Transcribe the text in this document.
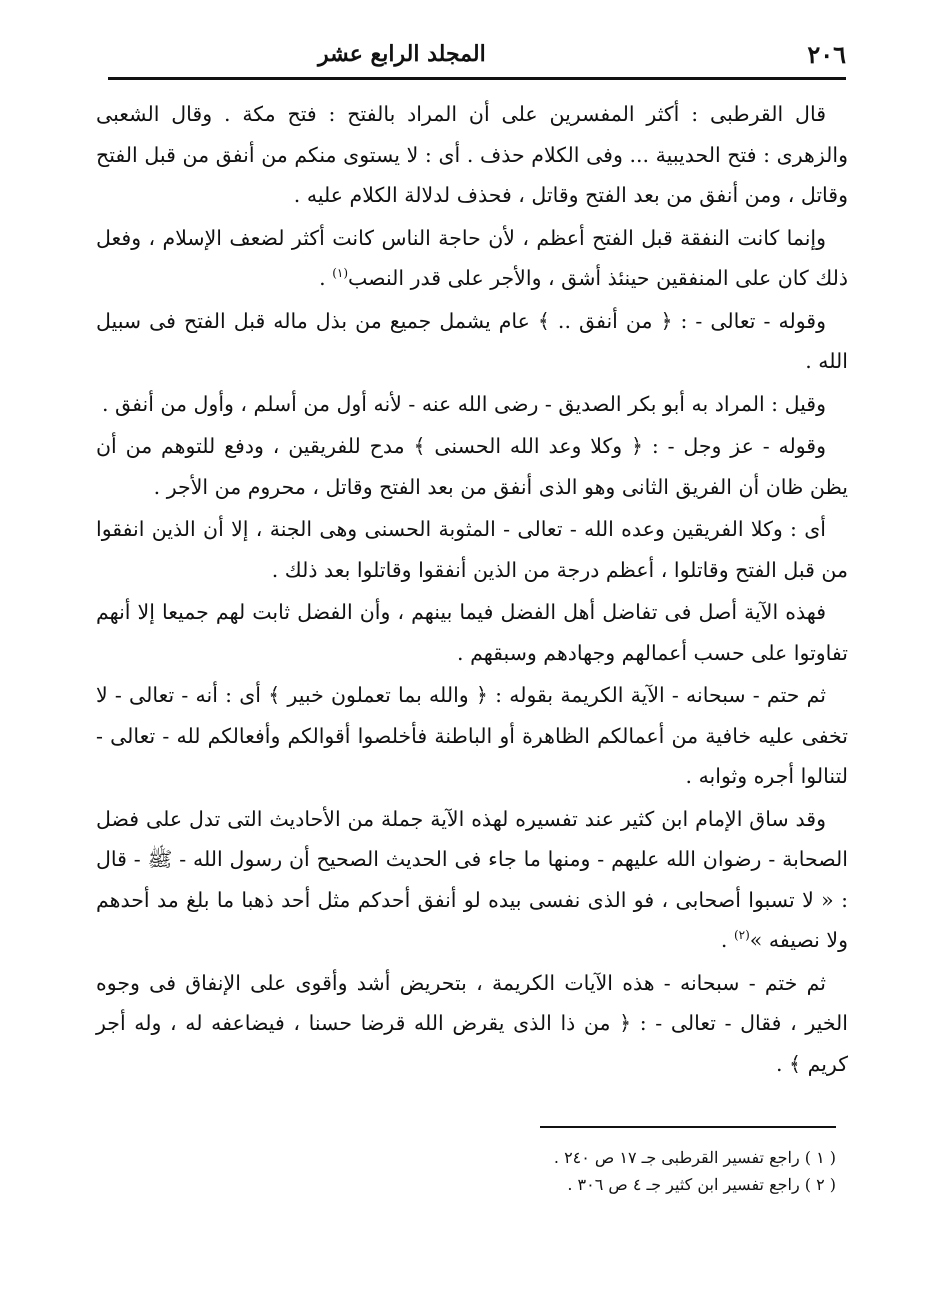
٢٠٦
المجلد الرابع عشر

قال القرطبى : أكثر المفسرين على أن المراد بالفتح : فتح مكة . وقال الشعبى والزهرى : فتح الحديبية ... وفى الكلام حذف . أى : لا يستوى منكم من أنفق من قبل الفتح وقاتل ، ومن أنفق من بعد الفتح وقاتل ، فحذف لدلالة الكلام عليه .

وإنما كانت النفقة قبل الفتح أعظم ، لأن حاجة الناس كانت أكثر لضعف الإسلام ، وفعل ذلك كان على المنفقين حينئذ أشق ، والأجر على قدر النصب$^{(١)}$ .

وقوله - تعالى - : ﴿ من أنفق .. ﴾ عام يشمل جميع من بذل ماله قبل الفتح فى سبيل الله .

وقيل : المراد به أبو بكر الصديق - رضى الله عنه - لأنه أول من أسلم ، وأول من أنفق .

وقوله - عز وجل - : ﴿ وكلا وعد الله الحسنى ﴾ مدح للفريقين ، ودفع للتوهم من أن يظن ظان أن الفريق الثانى وهو الذى أنفق من بعد الفتح وقاتل ، محروم من الأجر .

أى : وكلا الفريقين وعده الله - تعالى - المثوبة الحسنى وهى الجنة ، إلا أن الذين انفقوا من قبل الفتح وقاتلوا ، أعظم درجة من الذين أنفقوا وقاتلوا بعد ذلك .

فهذه الآية أصل فى تفاضل أهل الفضل فيما بينهم ، وأن الفضل ثابت لهم جميعا إلا أنهم تفاوتوا على حسب أعمالهم وجهادهم وسبقهم .

ثم حتم - سبحانه - الآية الكريمة بقوله : ﴿ والله بما تعملون خبير ﴾ أى : أنه - تعالى - لا تخفى عليه خافية من أعمالكم الظاهرة أو الباطنة فأخلصوا أقوالكم وأفعالكم لله - تعالى - لتنالوا أجره وثوابه .

وقد ساق الإمام ابن كثير عند تفسيره لهذه الآية جملة من الأحاديث التى تدل على فضل الصحابة - رضوان الله عليهم - ومنها ما جاء فى الحديث الصحيح أن رسول الله - ﷺ - قال : « لا تسبوا أصحابى ، فو الذى نفسى بيده لو أنفق أحدكم مثل أحد ذهبا ما بلغ مد أحدهم ولا نصيفه »$^{(٢)}$ .

ثم ختم - سبحانه - هذه الآيات الكريمة ، بتحريض أشد وأقوى على الإنفاق فى وجوه الخير ، فقال - تعالى - : ﴿ من ذا الذى يقرض الله قرضا حسنا ، فيضاعفه له ، وله أجر كريم ﴾ .

( ١ ) راجع تفسير القرطبى جـ ١٧ ص ٢٤٠ .

( ٢ ) راجع تفسير ابن كثير جـ ٤ ص ٣٠٦ .
